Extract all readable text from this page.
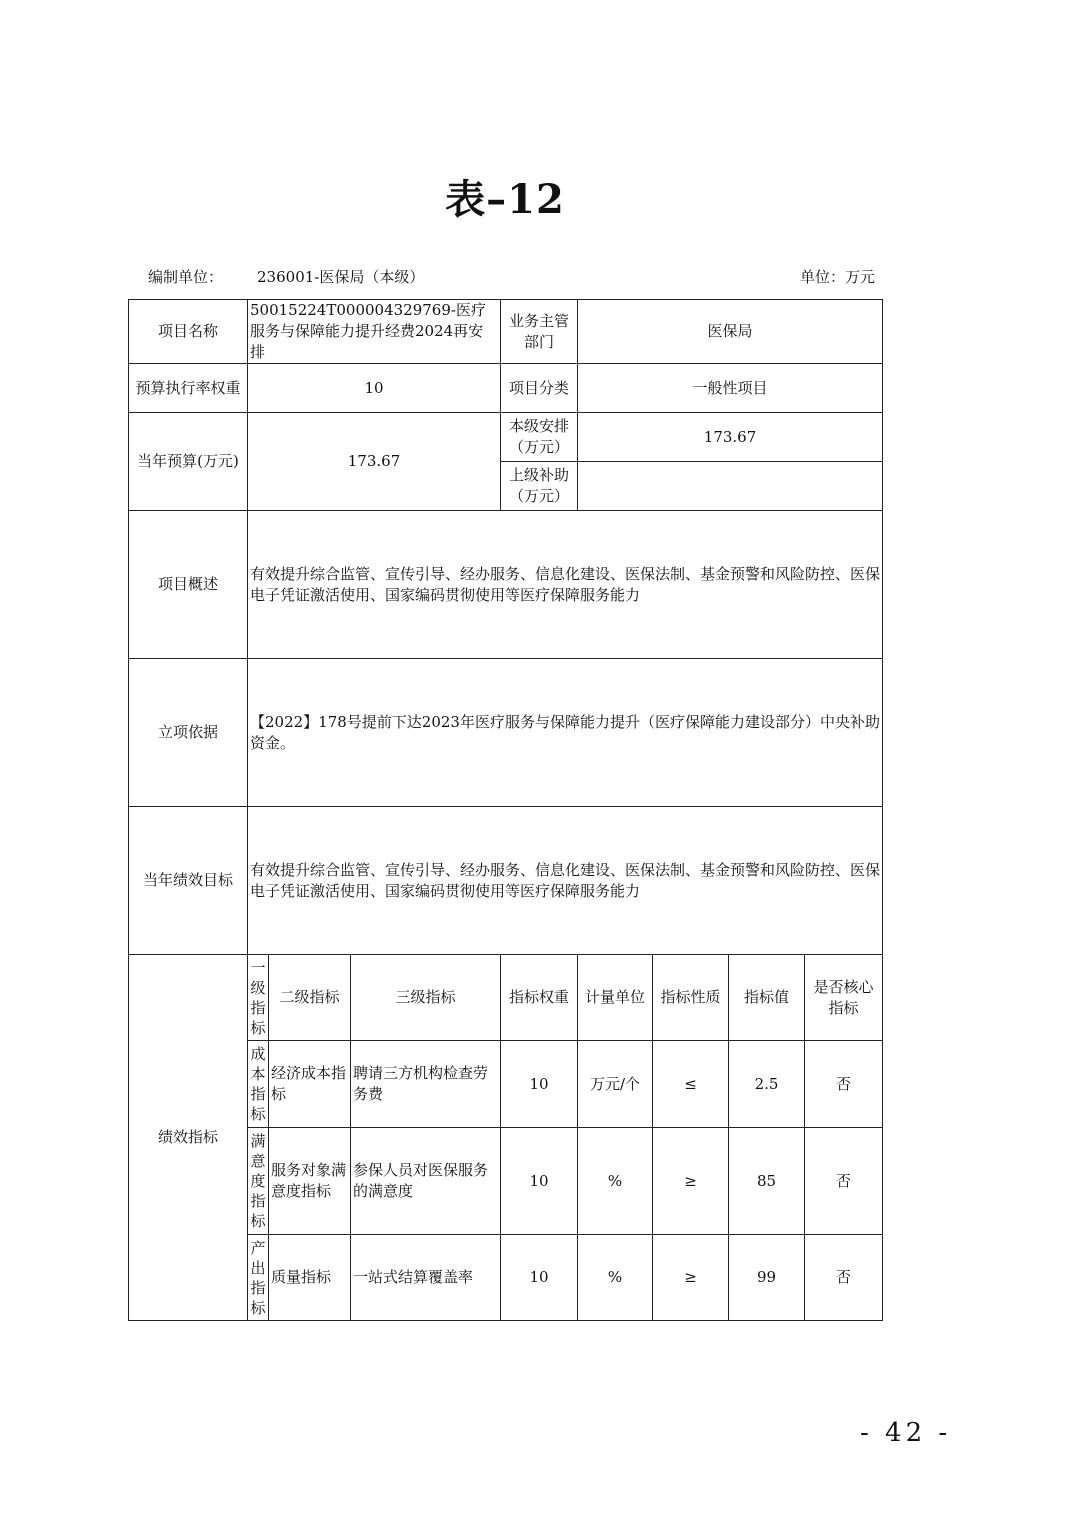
表–12
编制单位： 236001-医保局（本级）	单位：万元
项目名称	50015224T000004329769-医疗服务与保障能力提升经费2024再安排			业务主管部门	医保局			
预算执行率权重	10			项目分类	一般性项目			
当年预算(万元)	173.67			本级安排（万元）	173.67			
				上级补助（万元）				
项目概述	有效提升综合监管、宣传引导、经办服务、信息化建设、医保法制、基金预警和风险防控、医保电子凭证激活使用、国家编码贯彻使用等医疗保障服务能力							
立项依据	【2022】178号提前下达2023年医疗服务与保障能力提升（医疗保障能力建设部分）中央补助资金。							
当年绩效目标	有效提升综合监管、宣传引导、经办服务、信息化建设、医保法制、基金预警和风险防控、医保电子凭证激活使用、国家编码贯彻使用等医疗保障服务能力							
绩效指标	一级指标	二级指标	三级指标	指标权重	计量单位	指标性质	指标值	是否核心指标
	成本指标	经济成本指标	聘请三方机构检查劳务费	10	万元/个	≤	2.5	否
	满意度指标	服务对象满意度指标	参保人员对医保服务的满意度	10	%	≥	85	否
	产出指标	质量指标	一站式结算覆盖率	10	%	≥	99	否
- 42 -
